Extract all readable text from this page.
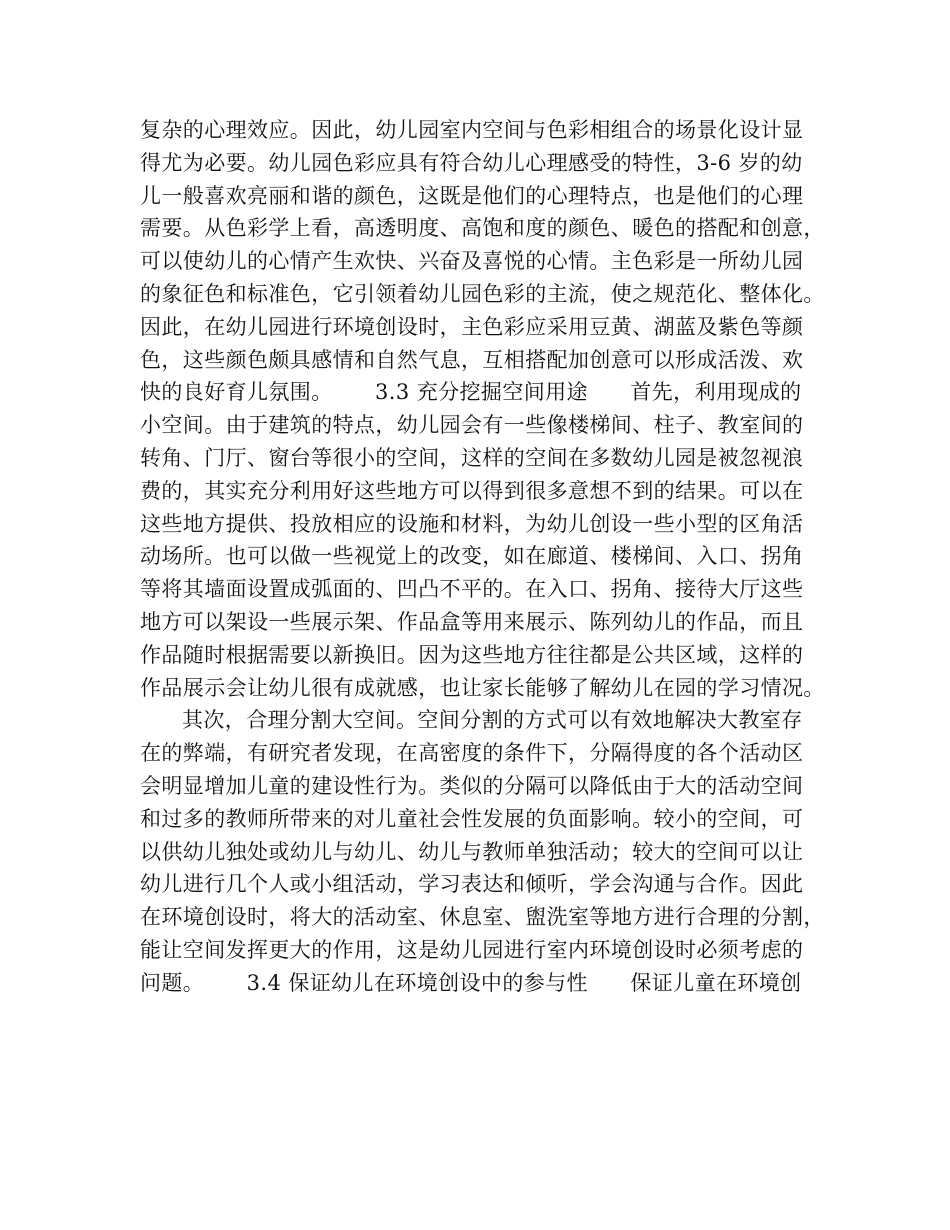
复杂的心理效应。因此，幼儿园室内空间与色彩相组合的场景化设计显
得尤为必要。幼儿园色彩应具有符合幼儿心理感受的特性，3-6 岁的幼
儿一般喜欢亮丽和谐的颜色，这既是他们的心理特点，也是他们的心理
需要。从色彩学上看，高透明度、高饱和度的颜色、暖色的搭配和创意，
可以使幼儿的心情产生欢快、兴奋及喜悦的心情。主色彩是一所幼儿园
的象征色和标准色，它引领着幼儿园色彩的主流，使之规范化、整体化。
因此，在幼儿园进行环境创设时，主色彩应采用豆黄、湖蓝及紫色等颜
色，这些颜色颇具感情和自然气息，互相搭配加创意可以形成活泼、欢
快的良好育儿氛围。      3.3 充分挖掘空间用途      首先，利用现成的
小空间。由于建筑的特点，幼儿园会有一些像楼梯间、柱子、教室间的
转角、门厅、窗台等很小的空间，这样的空间在多数幼儿园是被忽视浪
费的，其实充分利用好这些地方可以得到很多意想不到的结果。可以在
这些地方提供、投放相应的设施和材料，为幼儿创设一些小型的区角活
动场所。也可以做一些视觉上的改变，如在廊道、楼梯间、入口、拐角
等将其墙面设置成弧面的、凹凸不平的。在入口、拐角、接待大厅这些
地方可以架设一些展示架、作品盒等用来展示、陈列幼儿的作品，而且
作品随时根据需要以新换旧。因为这些地方往往都是公共区域，这样的
作品展示会让幼儿很有成就感，也让家长能够了解幼儿在园的学习情况。
其次，合理分割大空间。空间分割的方式可以有效地解决大教室存
在的弊端，有研究者发现，在高密度的条件下，分隔得度的各个活动区
会明显增加儿童的建设性行为。类似的分隔可以降低由于大的活动空间
和过多的教师所带来的对儿童社会性发展的负面影响。较小的空间，可
以供幼儿独处或幼儿与幼儿、幼儿与教师单独活动；较大的空间可以让
幼儿进行几个人或小组活动，学习表达和倾听，学会沟通与合作。因此
在环境创设时，将大的活动室、休息室、盥洗室等地方进行合理的分割，
能让空间发挥更大的作用，这是幼儿园进行室内环境创设时必须考虑的
问题。      3.4 保证幼儿在环境创设中的参与性      保证儿童在环境创
